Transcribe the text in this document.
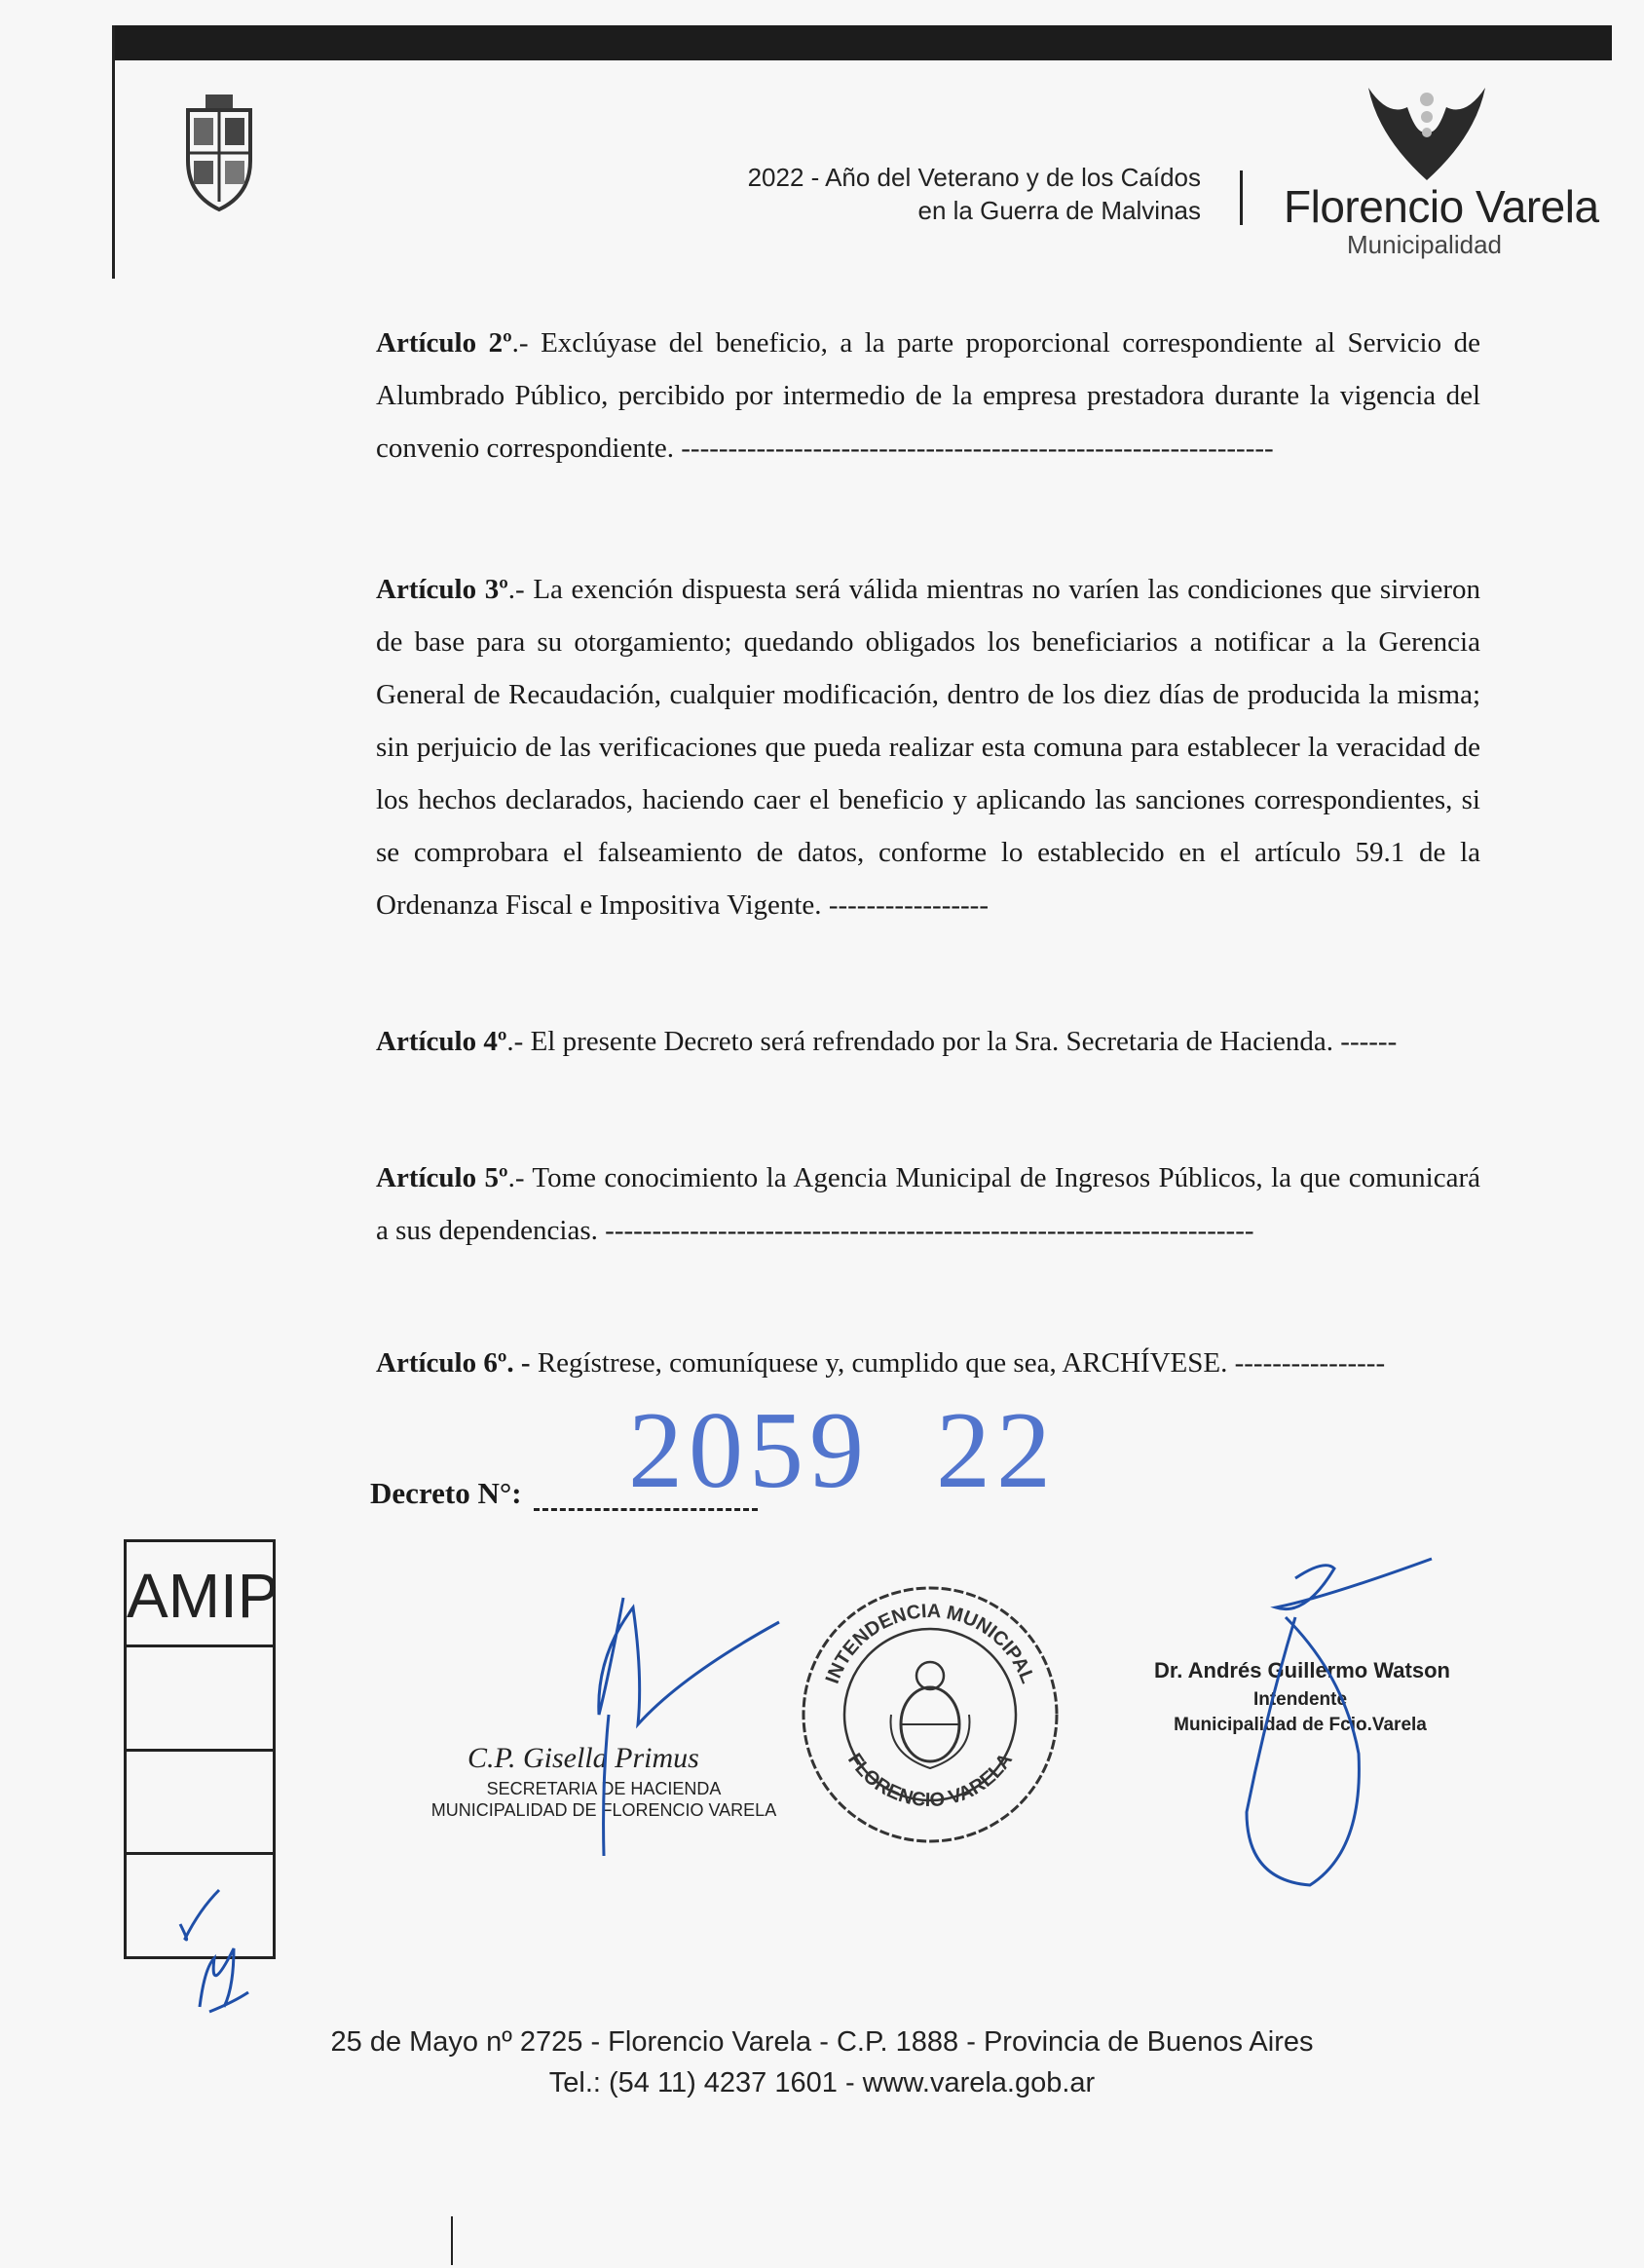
2022 - Año del Veterano y de los Caídos
en la Guerra de Malvinas Florencio Varela
Municipalidad
Artículo 2º.- Exclúyase del beneficio, a la parte proporcional correspondiente al Servicio de Alumbrado Público, percibido por intermedio de la empresa prestadora durante la vigencia del convenio correspondiente. ---------------------------------------------------------------
Artículo 3º.- La exención dispuesta será válida mientras no varíen las condiciones que sirvieron de base para su otorgamiento; quedando obligados los beneficiarios a notificar a la Gerencia General de Recaudación, cualquier modificación, dentro de los diez días de producida la misma; sin perjuicio de las verificaciones que pueda realizar esta comuna para establecer la veracidad de los hechos declarados, haciendo caer el beneficio y aplicando las sanciones correspondientes, si se comprobara el falseamiento de datos, conforme lo establecido en el artículo 59.1 de la Ordenanza Fiscal e Impositiva Vigente. -----------------
Artículo 4º.- El presente Decreto será refrendado por la Sra. Secretaria de Hacienda. ------
Artículo 5º.- Tome conocimiento la Agencia Municipal de Ingresos Públicos, la que comunicará a sus dependencias. ---------------------------------------------------------------------
Artículo 6º. - Regístrese, comuníquese y, cumplido que sea, ARCHÍVESE. ----------------
2059  22
Decreto N°:
AMIP
INTENDENCIA MUNICIPAL
FLORENCIO VARELA
C.P. Gisella Primus
SECRETARIA DE HACIENDA
MUNICIPALIDAD DE FLORENCIO VARELA
Dr. Andrés Guillermo Watson
Intendente
Municipalidad de Fcio.Varela
25 de Mayo nº 2725 - Florencio Varela - C.P. 1888 - Provincia de Buenos Aires
Tel.: (54 11) 4237 1601 - www.varela.gob.ar
